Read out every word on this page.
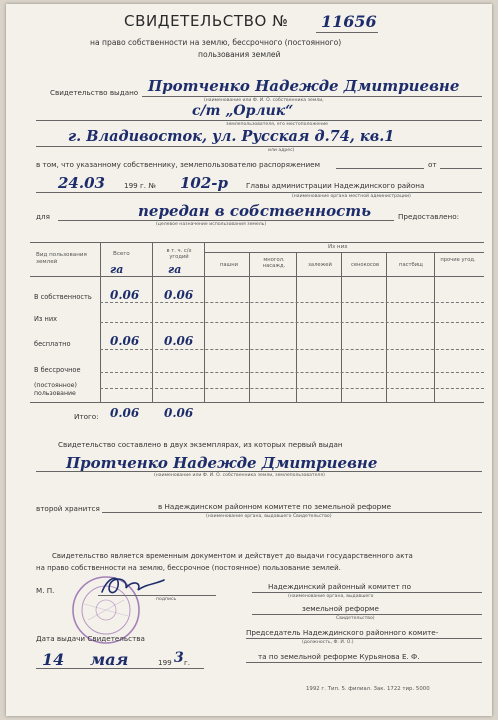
СВИДЕТЕЛЬСТВО № 11656
на право собственности на землю, бессрочного (постоянного)
пользования землей
Свидетельство выдано Протченко Надежде Дмитриевне
(наименование или Ф. И. О. собственника земли,
с/т „Орлик“
землепользователя, его местоположение
г. Владивосток, ул. Русская д.74, кв.1
или адрес)
в том, что указанному собственнику, землепользователю распоряжением	от
24.03	199 г. № 102-р Главы администрации Надеждинского района
(наименование органа местной администрации)
для	передан в собственность
(целевое назначение использования земель)
Предоставлено:
Вид пользования землей
Всего	в т. ч. с/х угодий
Из них
пашни
многол. насажд.	залежей	сенокосов	пастбищ
прочие угод.
га	га
В собственность 0.06 0.06
Из них
бесплатно	0.06 0.06
В бессрочное
(постоянное) пользование
Итого: 0.06 0.06
Свидетельство составлено в двух экземплярах, из которых первый выдан
Протченко Надежде Дмитриевне
(наименование или Ф. И. О. собственника земли, землепользователя)
второй хранится	в Надеждинском районном комитете по земельной реформе
(наименование органа, выдавшего Свидетельство)
Свидетельство является временным документом и действует до выдачи государственного акта
на право собственности на землю, бессрочное (постоянное) пользование землей.
М. П.
подпись
Надеждинский районный комитет по
(наименование органа, выдавшего
земельной реформе
Свидетельство)
Председатель Надеждинского районного комите-
(должность, Ф. И. О.)
та по земельной реформе Курьянова Е. Ф.
Дата выдачи Свидетельства
14 мая	199 3 г.
1992 г. Тип. 5. филиал. Зак. 1722 тир. 5000
